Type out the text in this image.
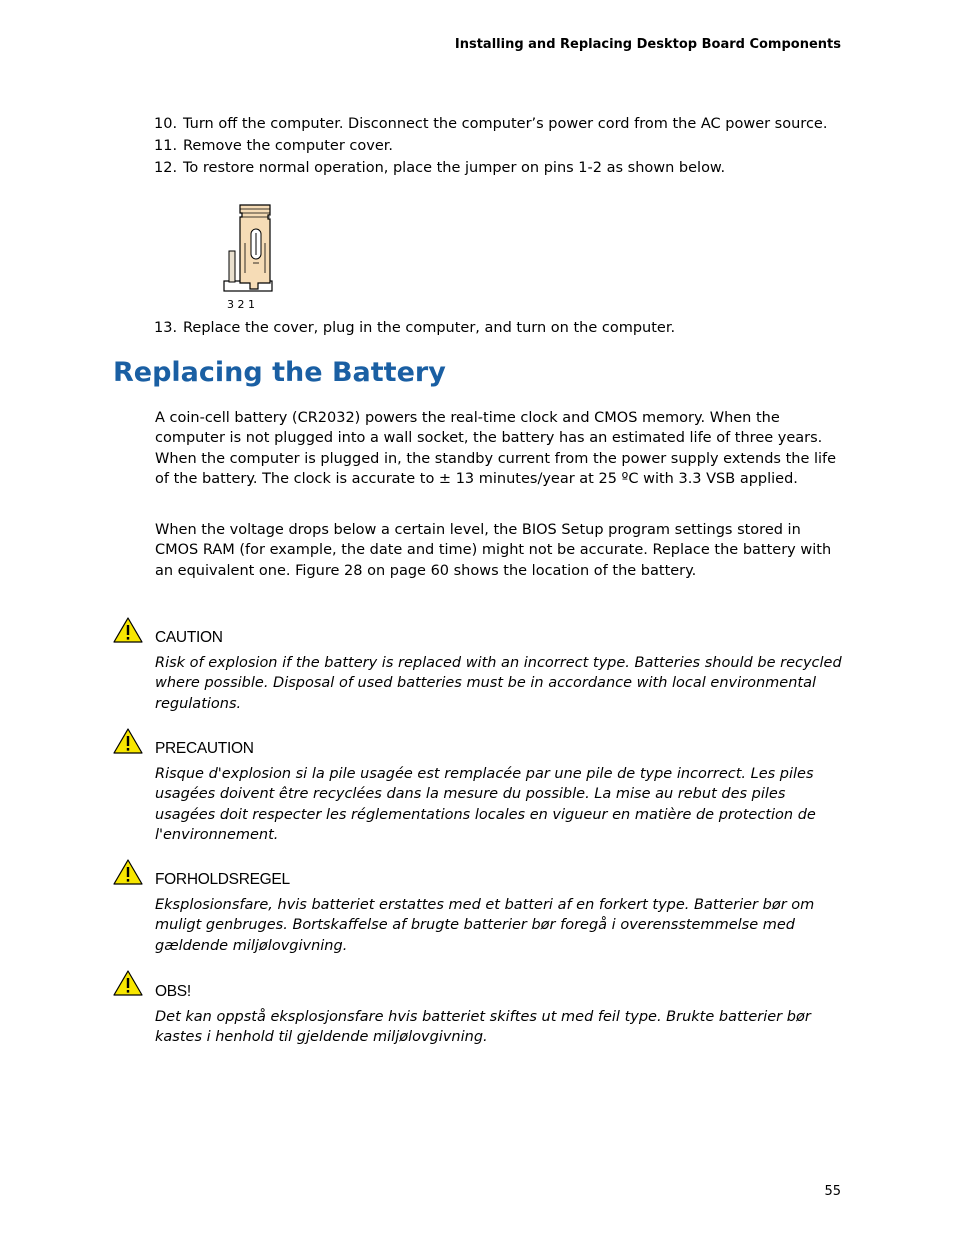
Installing and Replacing Desktop Board Components
10. Turn off the computer. Disconnect the computer’s power cord from the AC power source.
11. Remove the computer cover.
12. To restore normal operation, place the jumper on pins 1-2 as shown below.
3 2 1
13. Replace the cover, plug in the computer, and turn on the computer.
Replacing the Battery

A coin-cell battery (CR2032) powers the real-time clock and CMOS memory. When the computer is not plugged into a wall socket, the battery has an estimated life of three years. When the computer is plugged in, the standby current from the power supply extends the life of the battery. The clock is accurate to ± 13 minutes/year at 25 ºC with 3.3 VSB applied.

When the voltage drops below a certain level, the BIOS Setup program settings stored in CMOS RAM (for example, the date and time) might not be accurate. Replace the battery with an equivalent one. Figure 28 on page 60 shows the location of the battery.

CAUTION

Risk of explosion if the battery is replaced with an incorrect type. Batteries should be recycled where possible. Disposal of used batteries must be in accordance with local environmental regulations.

PRECAUTION

Risque d'explosion si la pile usagée est remplacée par une pile de type incorrect. Les piles usagées doivent être recyclées dans la mesure du possible. La mise au rebut des piles usagées doit respecter les réglementations locales en vigueur en matière de protection de l'environnement.

FORHOLDSREGEL

Eksplosionsfare, hvis batteriet erstattes med et batteri af en forkert type. Batterier bør om muligt genbruges. Bortskaffelse af brugte batterier bør foregå i overensstemmelse med gældende miljølovgivning.

OBS!

Det kan oppstå eksplosjonsfare hvis batteriet skiftes ut med feil type. Brukte batterier bør kastes i henhold til gjeldende miljølovgivning.

55
